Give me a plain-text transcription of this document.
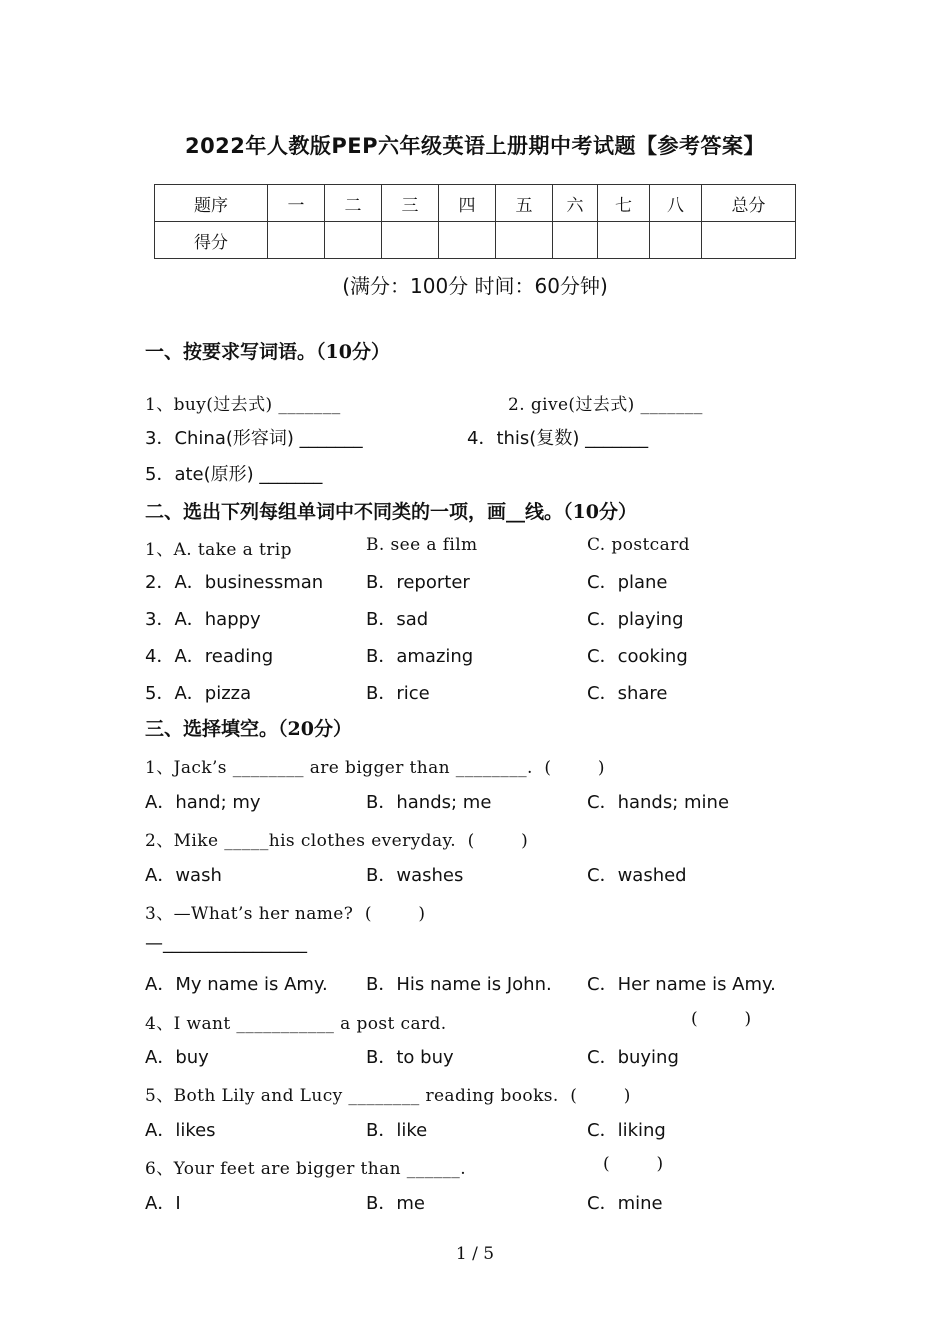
2022年人教版PEP六年级英语上册期中考试题【参考答案】
题序	一	二	三	四	五	六	七	八	总分
得分									
(满分：100分 时间：60分钟)
一、按要求写词语。（10分）
1、buy(过去式) _______	2. give(过去式) _______
3．China(形容词) _______	4．this(复数) _______
5．ate(原形) _______
二、选出下列每组单词中不同类的一项，画__线。（10分）
1、A. take a trip	B. see a film	C. postcard
2．A．businessman B．reporter	C．plane
3．A．happy	B．sad	C．playing
4．A．reading	B．amazing	C．cooking
5．A．pizza	B．rice	C．share
三、选择填空。（20分）
1、Jack’s ________ are bigger than ________.  (        )
A．hand; my	B．hands; me	C．hands; mine
2、Mike _____his clothes everyday.  (        )
A．wash	B．washes	C．washed
3、—What’s her name?  (        )
—________________
A．My name is Amy. B．His name is John. C．Her name is Amy.
4、I want ___________ a post card.	(        )
A．buy	B．to buy	C．buying
5、Both Lily and Lucy ________ reading books.  (        )
A．likes	B．like	C．liking
6、Your feet are bigger than ______.	(        )
A．I	B．me	C．mine
1 / 5
